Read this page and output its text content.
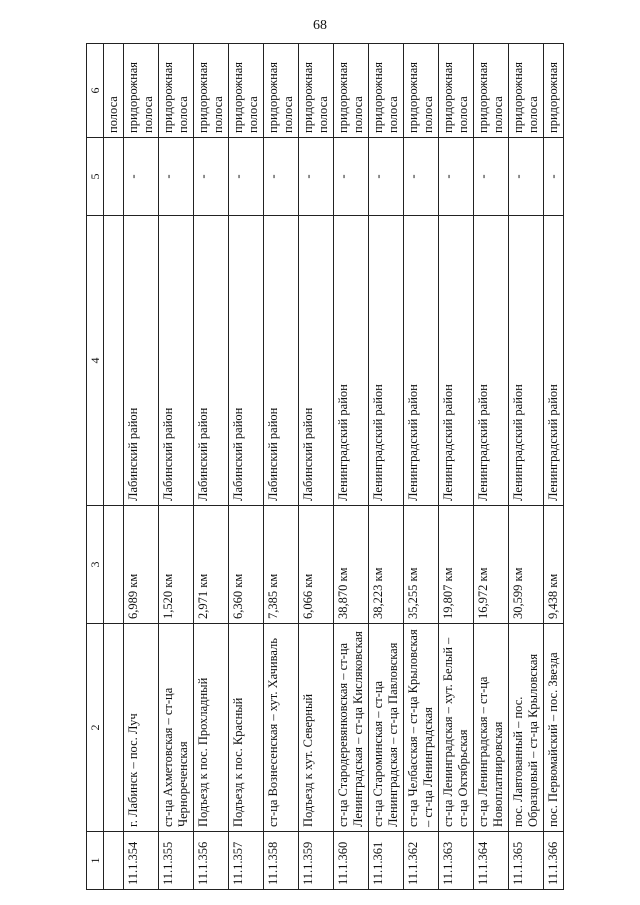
68
1	2	3	4	5	6
					полоса
11.1.354	г. Лабинск – пос. Луч	6,989 км	Лабинский район	-	придорожная полоса
11.1.355	ст-ца Ахметовская – ст-ца Чернореченская	1,520 км	Лабинский район	-	придорожная полоса
11.1.356	Подъезд к пос. Прохладный	2,971 км	Лабинский район	-	придорожная полоса
11.1.357	Подъезд к пос. Красный	6,360 км	Лабинский район	-	придорожная полоса
11.1.358	ст-ца Вознесенская – хут. Хачиваль	7,385 км	Лабинский район	-	придорожная полоса
11.1.359	Подъезд к хут. Северный	6,066 км	Лабинский район	-	придорожная полоса
11.1.360	ст-ца Стародеревянковская – ст-ца Ленинградская – ст-ца Кисляковская	38,870 км	Ленинградский район	-	придорожная полоса
11.1.361	ст-ца Староминская – ст-ца Ленинградская – ст-ца Павловская	38,223 км	Ленинградский район	-	придорожная полоса
11.1.362	ст-ца Челбасская – ст-ца Крыловская – ст-ца Ленинградская	35,255 км	Ленинградский район	-	придорожная полоса
11.1.363	ст-ца Ленинградская – хут. Белый – ст-ца Октябрьская	19,807 км	Ленинградский район	-	придорожная полоса
11.1.364	ст-ца Ленинградская – ст-ца Новоплатнировская	16,972 км	Ленинградский район	-	придорожная полоса
11.1.365	пос. Лавтованный – пос. Образцовый – ст-ца Крыловская	30,599 км	Ленинградский район	-	придорожная полоса
11.1.366	пос. Первомайский – пос. Звезда	9,438 км	Ленинградский район	-	придорожная
